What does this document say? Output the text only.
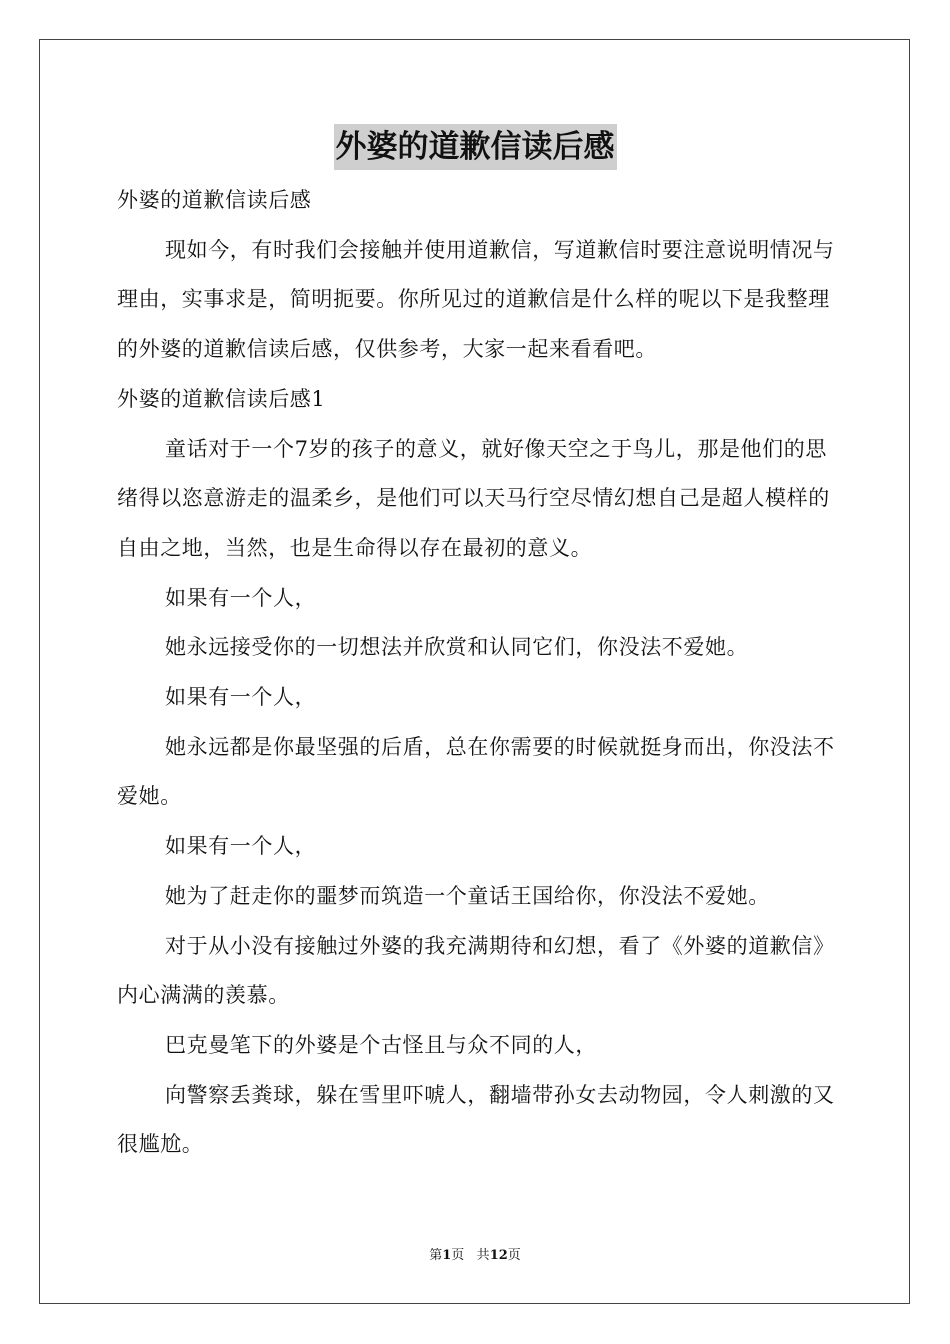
外婆的道歉信读后感

外婆的道歉信读后感

现如今，有时我们会接触并使用道歉信，写道歉信时要注意说明情况与理由，实事求是，简明扼要。你所见过的道歉信是什么样的呢以下是我整理的外婆的道歉信读后感，仅供参考，大家一起来看看吧。

外婆的道歉信读后感1

童话对于一个7岁的孩子的意义，就好像天空之于鸟儿，那是他们的思绪得以恣意游走的温柔乡，是他们可以天马行空尽情幻想自己是超人模样的自由之地，当然，也是生命得以存在最初的意义。

如果有一个人，

她永远接受你的一切想法并欣赏和认同它们，你没法不爱她。

如果有一个人，

她永远都是你最坚强的后盾，总在你需要的时候就挺身而出，你没法不爱她。

如果有一个人，

她为了赶走你的噩梦而筑造一个童话王国给你，你没法不爱她。

对于从小没有接触过外婆的我充满期待和幻想，看了《外婆的道歉信》内心满满的羡慕。

巴克曼笔下的外婆是个古怪且与众不同的人，

向警察丢粪球，躲在雪里吓唬人，翻墙带孙女去动物园，令人刺激的又很尴尬。

第1页 共12页
